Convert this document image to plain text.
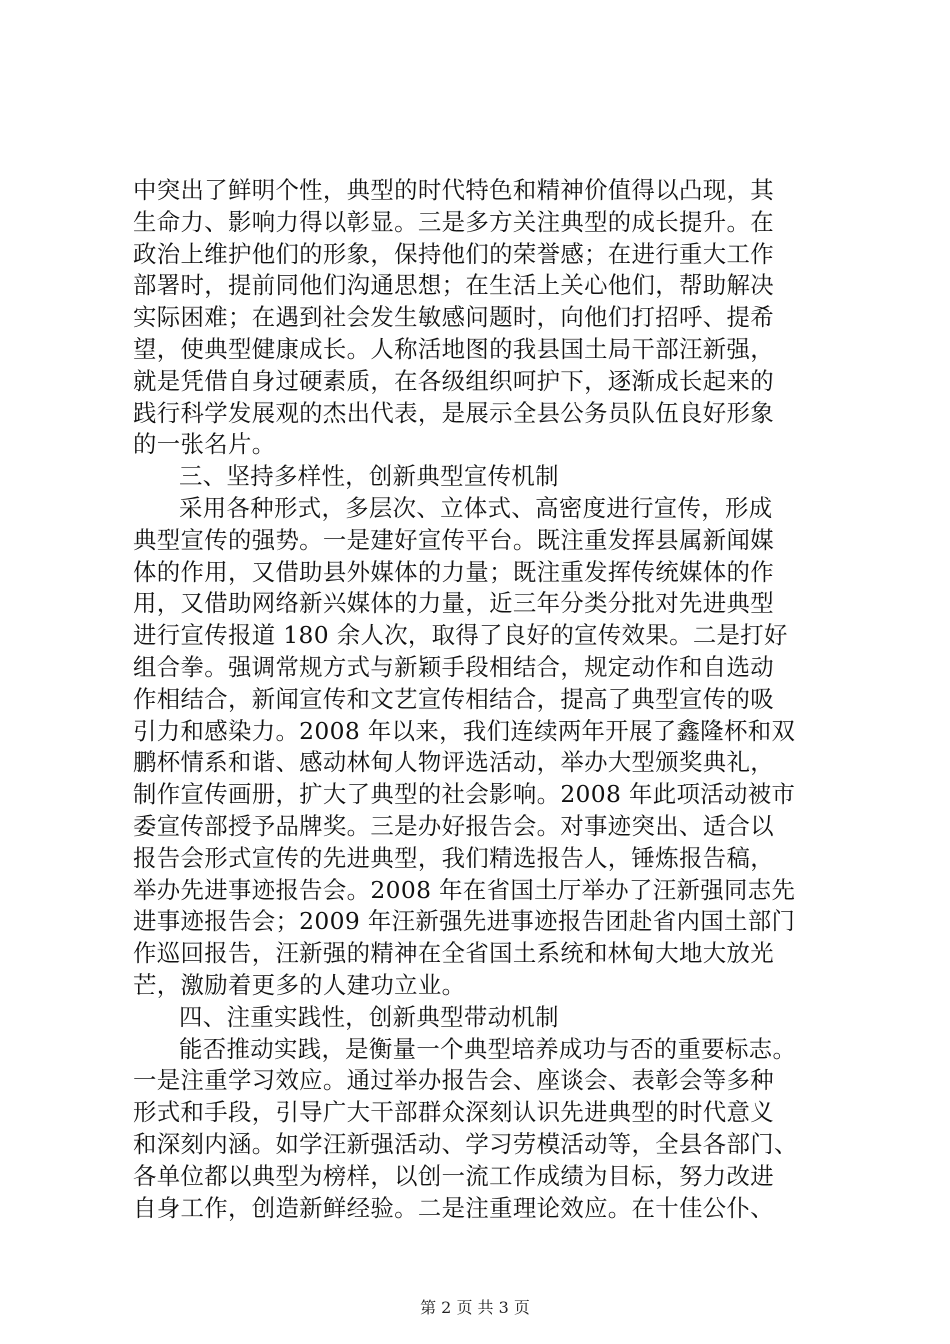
中突出了鲜明个性，典型的时代特色和精神价值得以凸现，其
生命力、影响力得以彰显。三是多方关注典型的成长提升。在
政治上维护他们的形象，保持他们的荣誉感；在进行重大工作
部署时，提前同他们沟通思想；在生活上关心他们，帮助解决
实际困难；在遇到社会发生敏感问题时，向他们打招呼、提希
望，使典型健康成长。人称活地图的我县国土局干部汪新强，
就是凭借自身过硬素质，在各级组织呵护下，逐渐成长起来的
践行科学发展观的杰出代表，是展示全县公务员队伍良好形象
的一张名片。
三、坚持多样性，创新典型宣传机制
采用各种形式，多层次、立体式、高密度进行宣传，形成
典型宣传的强势。一是建好宣传平台。既注重发挥县属新闻媒
体的作用，又借助县外媒体的力量；既注重发挥传统媒体的作
用，又借助网络新兴媒体的力量，近三年分类分批对先进典型
进行宣传报道 180 余人次，取得了良好的宣传效果。二是打好
组合拳。强调常规方式与新颖手段相结合，规定动作和自选动
作相结合，新闻宣传和文艺宣传相结合，提高了典型宣传的吸
引力和感染力。2008 年以来，我们连续两年开展了鑫隆杯和双
鹏杯情系和谐、感动林甸人物评选活动，举办大型颁奖典礼，
制作宣传画册，扩大了典型的社会影响。2008 年此项活动被市
委宣传部授予品牌奖。三是办好报告会。对事迹突出、适合以
报告会形式宣传的先进典型，我们精选报告人，锤炼报告稿，
举办先进事迹报告会。2008 年在省国土厅举办了汪新强同志先
进事迹报告会；2009 年汪新强先进事迹报告团赴省内国土部门
作巡回报告，汪新强的精神在全省国土系统和林甸大地大放光
芒，激励着更多的人建功立业。
四、注重实践性，创新典型带动机制
能否推动实践，是衡量一个典型培养成功与否的重要标志。
一是注重学习效应。通过举办报告会、座谈会、表彰会等多种
形式和手段，引导广大干部群众深刻认识先进典型的时代意义
和深刻内涵。如学汪新强活动、学习劳模活动等，全县各部门、
各单位都以典型为榜样，以创一流工作成绩为目标，努力改进
自身工作，创造新鲜经验。二是注重理论效应。在十佳公仆、
第 2 页 共 3 页
